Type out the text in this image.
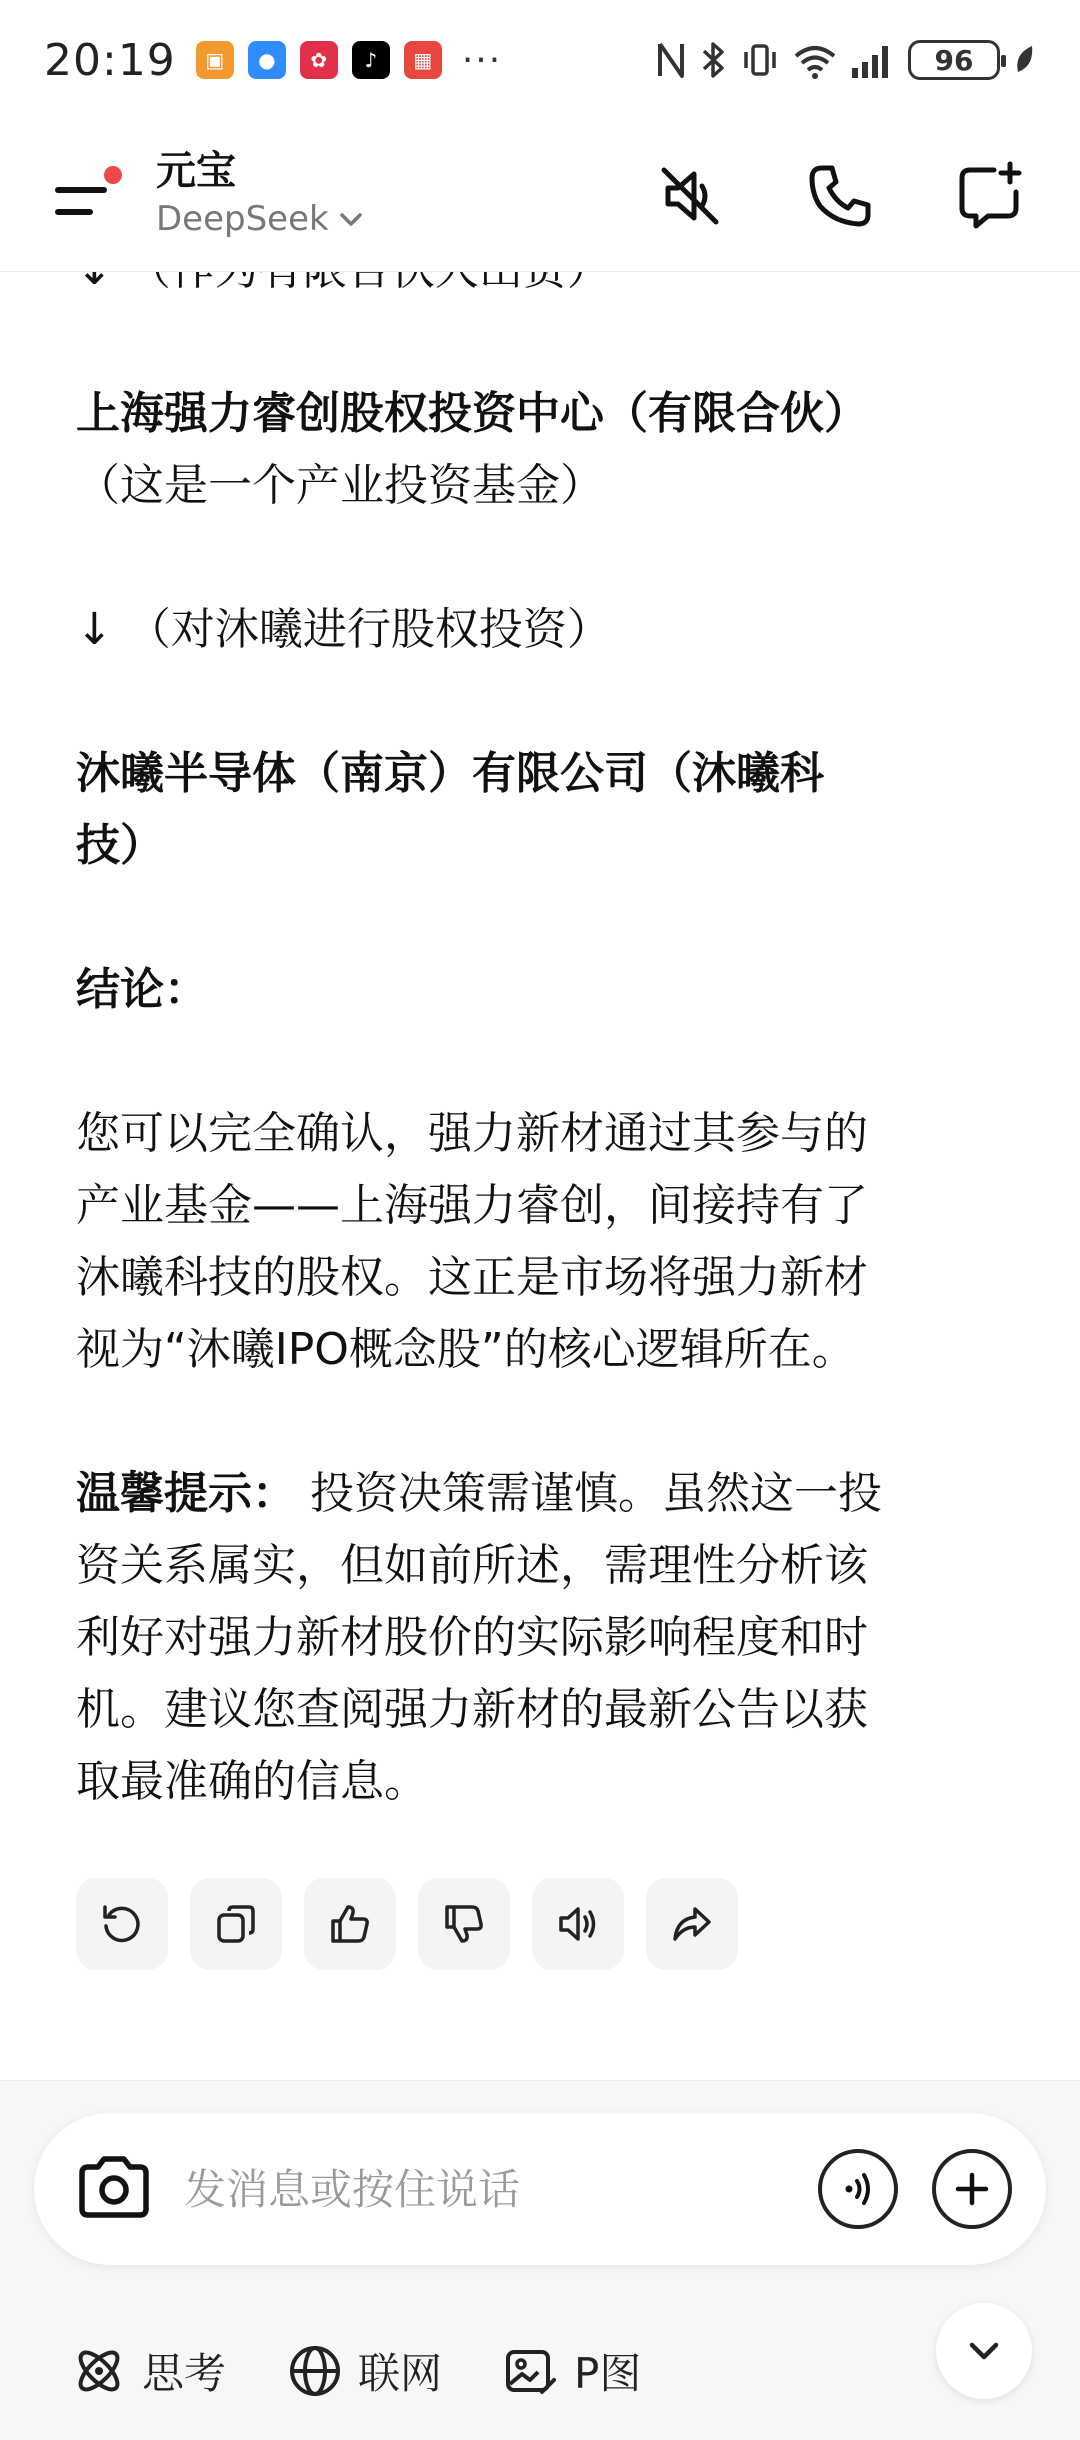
20:19	▣	●	✿	♪	▦ ···	96
元宝
DeepSeek

上海强力睿创股权投资中心（有限合伙）

（这是一个产业投资基金）

↓ （对沐曦进行股权投资）

沐曦半导体（南京）有限公司（沐曦科

技）

结论：

您可以完全确认，强力新材通过其参与的

产业基金——上海强力睿创，间接持有了

沐曦科技的股权。这正是市场将强力新材

视为“沐曦IPO概念股”的核心逻辑所在。

温馨提示： 投资决策需谨慎。虽然这一投

资关系属实，但如前所述，需理性分析该

利好对强力新材股价的实际影响程度和时

机。建议您查阅强力新材的最新公告以获

取最准确的信息。

发消息或按住说话
思考	联网	P图
